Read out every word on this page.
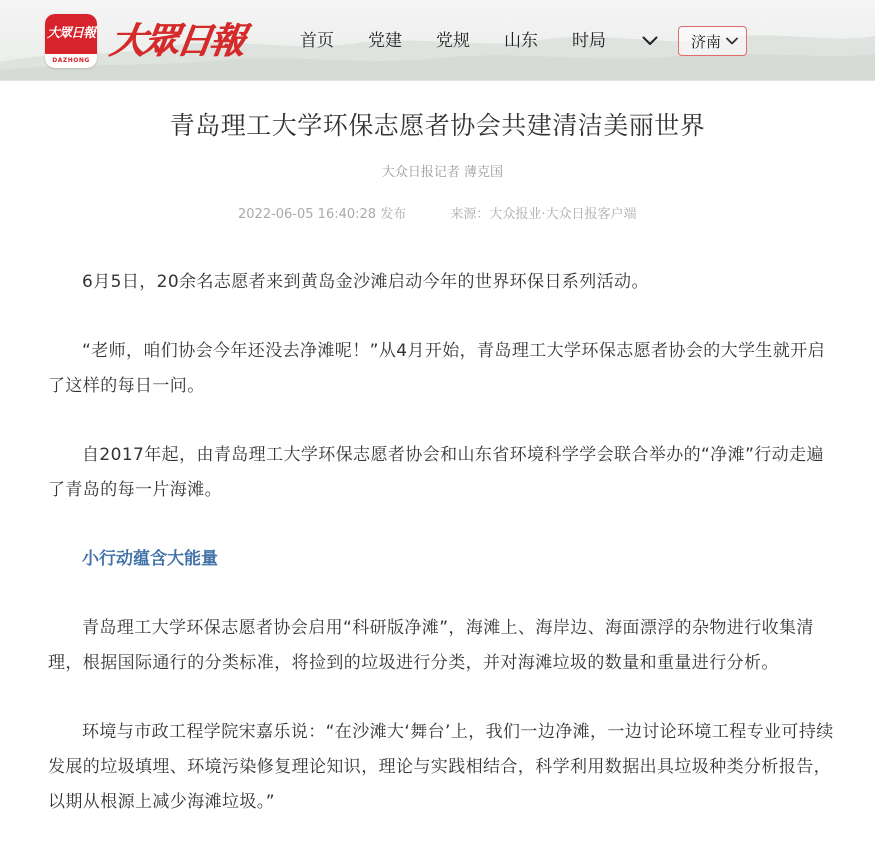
大眾日報
DAZHONG 大眾日報	首页 党建 党规 山东 时局	济南
青岛理工大学环保志愿者协会共建清洁美丽世界
大众日报记者 薄克国
2022-06-05 16:40:28 发布	来源：大众报业·大众日报客户端

6月5日，20余名志愿者来到黄岛金沙滩启动今年的世界环保日系列活动。

“老师，咱们协会今年还没去净滩呢！”从4月开始，青岛理工大学环保志愿者协会的大学生就开启了这样的每日一问。

自2017年起，由青岛理工大学环保志愿者协会和山东省环境科学学会联合举办的“净滩”行动走遍了青岛的每一片海滩。

小行动蕴含大能量

青岛理工大学环保志愿者协会启用“科研版净滩”，海滩上、海岸边、海面漂浮的杂物进行收集清理，根据国际通行的分类标准，将捡到的垃圾进行分类，并对海滩垃圾的数量和重量进行分析。

环境与市政工程学院宋嘉乐说：“在沙滩大‘舞台’上，我们一边净滩，一边讨论环境工程专业可持续发展的垃圾填埋、环境污染修复理论知识，理论与实践相结合，科学利用数据出具垃圾种类分析报告，以期从根源上减少海滩垃圾。”
